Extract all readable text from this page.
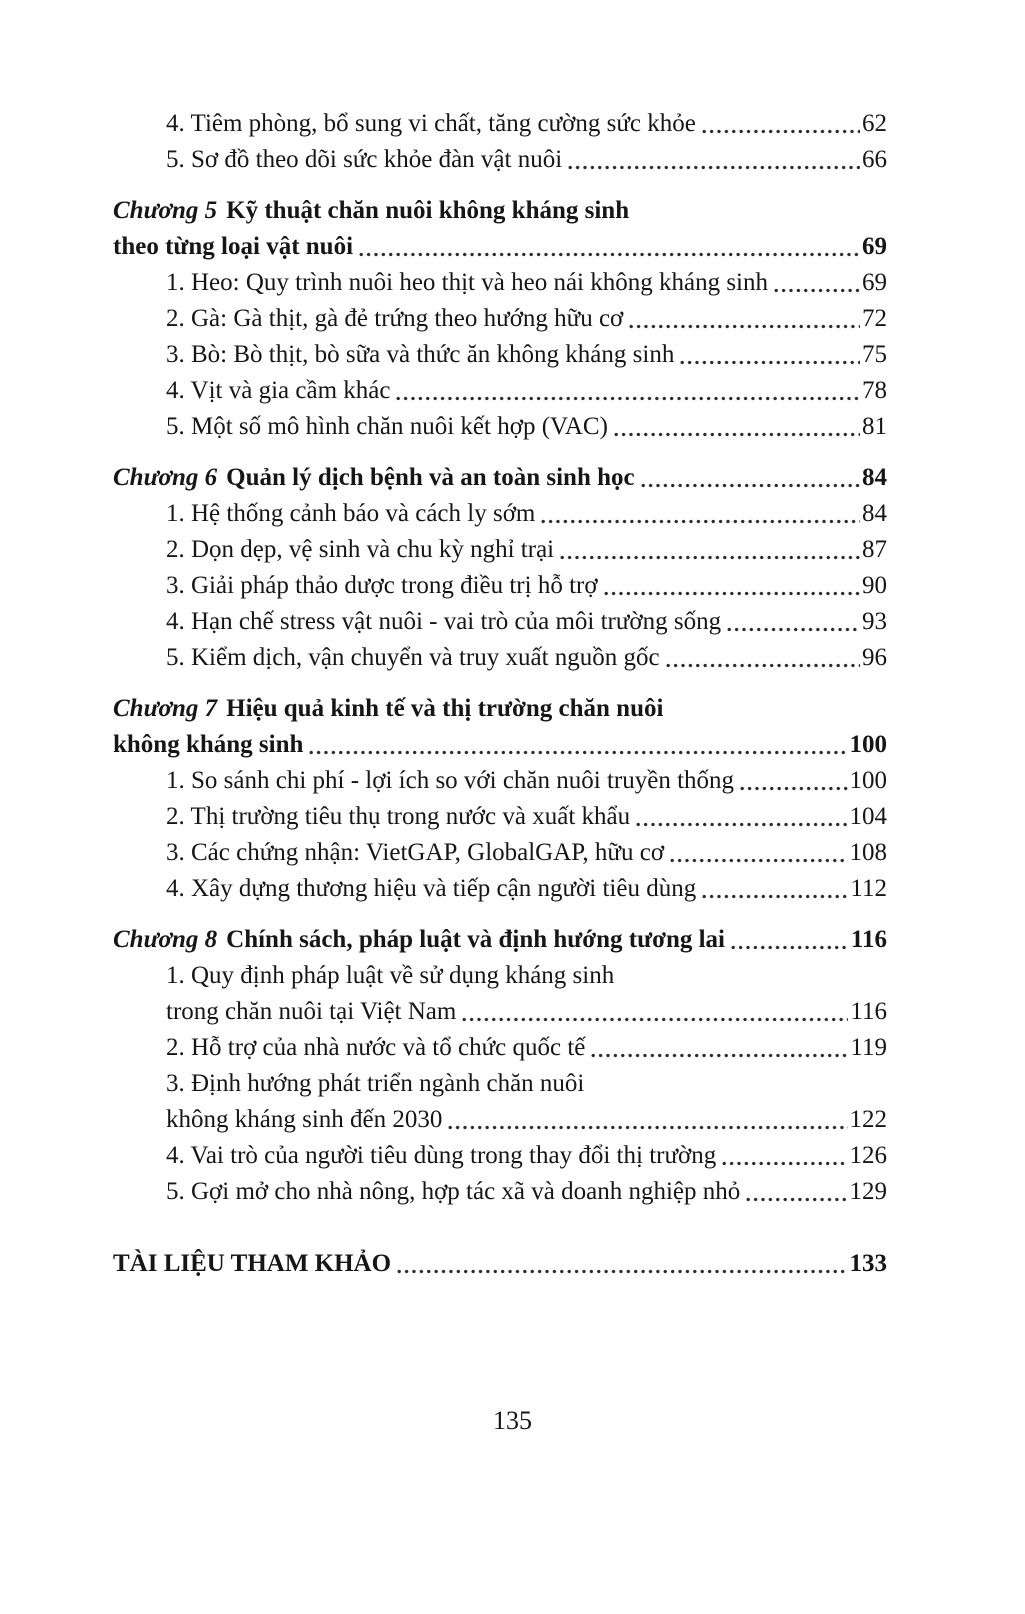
4. Tiêm phòng, bổ sung vi chất, tăng cường sức khỏe	62
5. Sơ đồ theo dõi sức khỏe đàn vật nuôi	66
Chương 5 Kỹ thuật chăn nuôi không kháng sinh
theo từng loại vật nuôi	69
1. Heo: Quy trình nuôi heo thịt và heo nái không kháng sinh	69
2. Gà: Gà thịt, gà đẻ trứng theo hướng hữu cơ	72
3. Bò: Bò thịt, bò sữa và thức ăn không kháng sinh	75
4. Vịt và gia cầm khác	78
5. Một số mô hình chăn nuôi kết hợp (VAC)	81
Chương 6 Quản lý dịch bệnh và an toàn sinh học	84
1. Hệ thống cảnh báo và cách ly sớm	84
2. Dọn dẹp, vệ sinh và chu kỳ nghỉ trại	87
3. Giải pháp thảo dược trong điều trị hỗ trợ	90
4. Hạn chế stress vật nuôi - vai trò của môi trường sống	93
5. Kiểm dịch, vận chuyển và truy xuất nguồn gốc	96
Chương 7 Hiệu quả kinh tế và thị trường chăn nuôi
không kháng sinh	100
1. So sánh chi phí - lợi ích so với chăn nuôi truyền thống	100
2. Thị trường tiêu thụ trong nước và xuất khẩu	104
3. Các chứng nhận: VietGAP, GlobalGAP, hữu cơ	108
4. Xây dựng thương hiệu và tiếp cận người tiêu dùng	112
Chương 8 Chính sách, pháp luật và định hướng tương lai	116
1. Quy định pháp luật về sử dụng kháng sinh
trong chăn nuôi tại Việt Nam	116
2. Hỗ trợ của nhà nước và tổ chức quốc tế	119
3. Định hướng phát triển ngành chăn nuôi
không kháng sinh đến 2030	122
4. Vai trò của người tiêu dùng trong thay đổi thị trường	126
5. Gợi mở cho nhà nông, hợp tác xã và doanh nghiệp nhỏ	129
TÀI LIỆU THAM KHẢO	133
135
